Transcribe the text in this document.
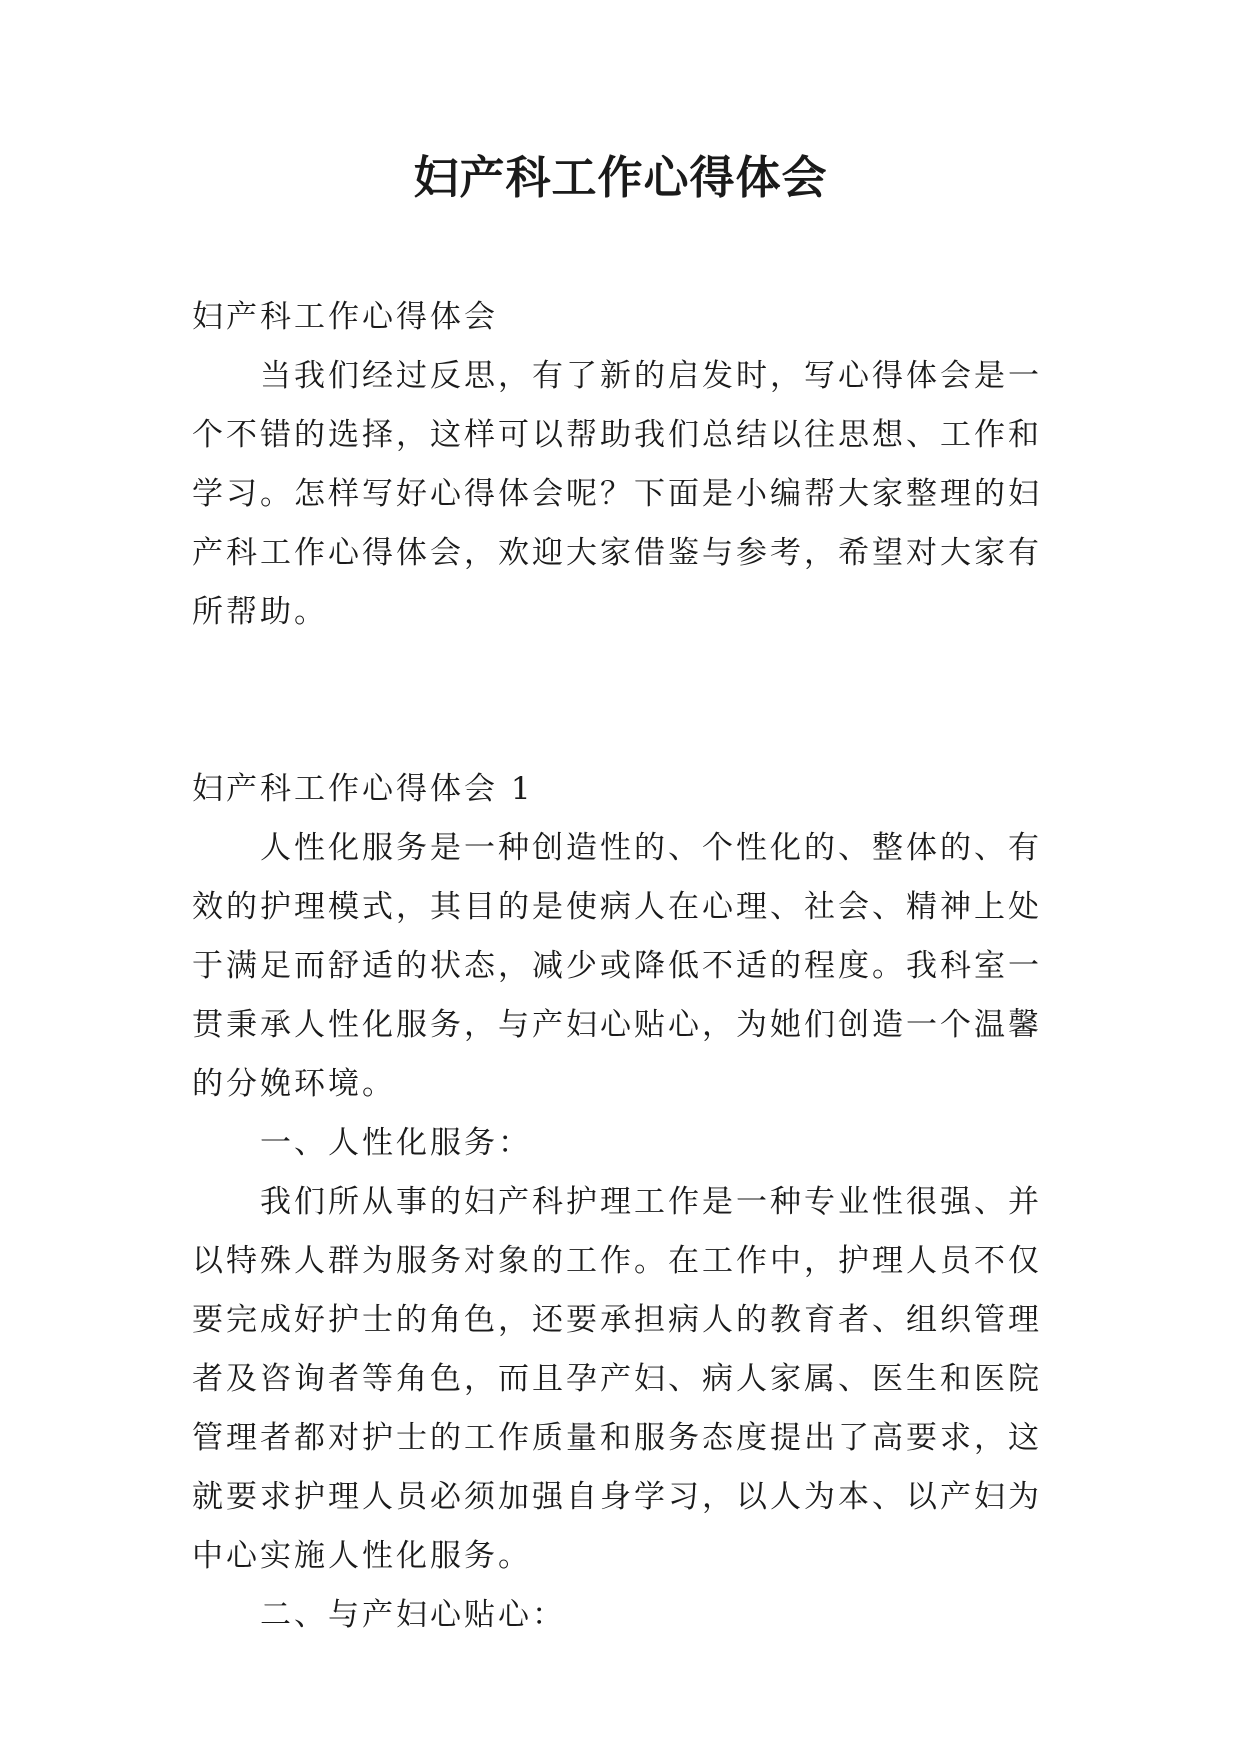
妇产科工作心得体会

妇产科工作心得体会

当我们经过反思，有了新的启发时，写心得体会是一个不错的选择，这样可以帮助我们总结以往思想、工作和学习。怎样写好心得体会呢？下面是小编帮大家整理的妇产科工作心得体会，欢迎大家借鉴与参考，希望对大家有所帮助。

妇产科工作心得体会 1

人性化服务是一种创造性的、个性化的、整体的、有效的护理模式，其目的是使病人在心理、社会、精神上处于满足而舒适的状态，减少或降低不适的程度。我科室一贯秉承人性化服务，与产妇心贴心，为她们创造一个温馨的分娩环境。

一、人性化服务：

我们所从事的妇产科护理工作是一种专业性很强、并以特殊人群为服务对象的工作。在工作中，护理人员不仅要完成好护士的角色，还要承担病人的教育者、组织管理者及咨询者等角色，而且孕产妇、病人家属、医生和医院管理者都对护士的工作质量和服务态度提出了高要求，这就要求护理人员必须加强自身学习，以人为本、以产妇为中心实施人性化服务。

二、与产妇心贴心：
